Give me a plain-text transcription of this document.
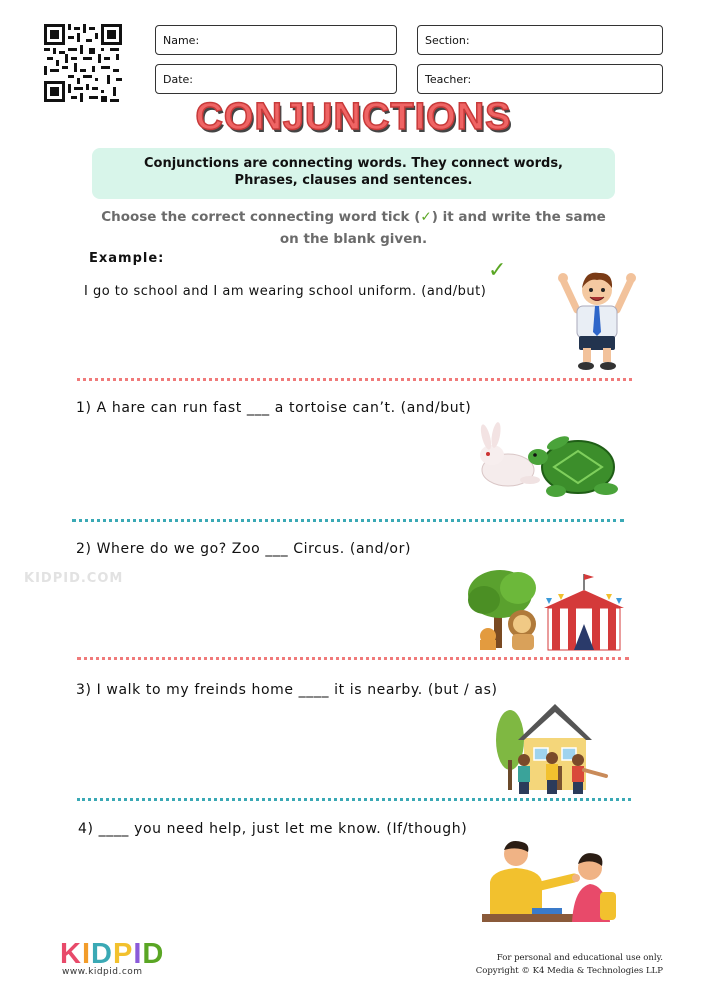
Name:	Section:
Date:	Teacher:
CONJUNCTIONS
Conjunctions are connecting words. They connect words,
Phrases, clauses and sentences.
Choose the correct connecting word tick (✓) it and write the same
on the blank given.
Example:
I go to school and I am wearing school uniform. (and/but)
✓
1) A hare can run fast ___ a tortoise can’t. (and/but)
2) Where do we go? Zoo ___ Circus. (and/or)
KIDPID.COM
3) I walk to my freinds home ____ it is nearby. (but / as)
4) ____ you need help, just let me know. (If/though)
KIDPID
www.kidpid.com
For personal and educational use only.
Copyright © K4 Media & Technologies LLP
